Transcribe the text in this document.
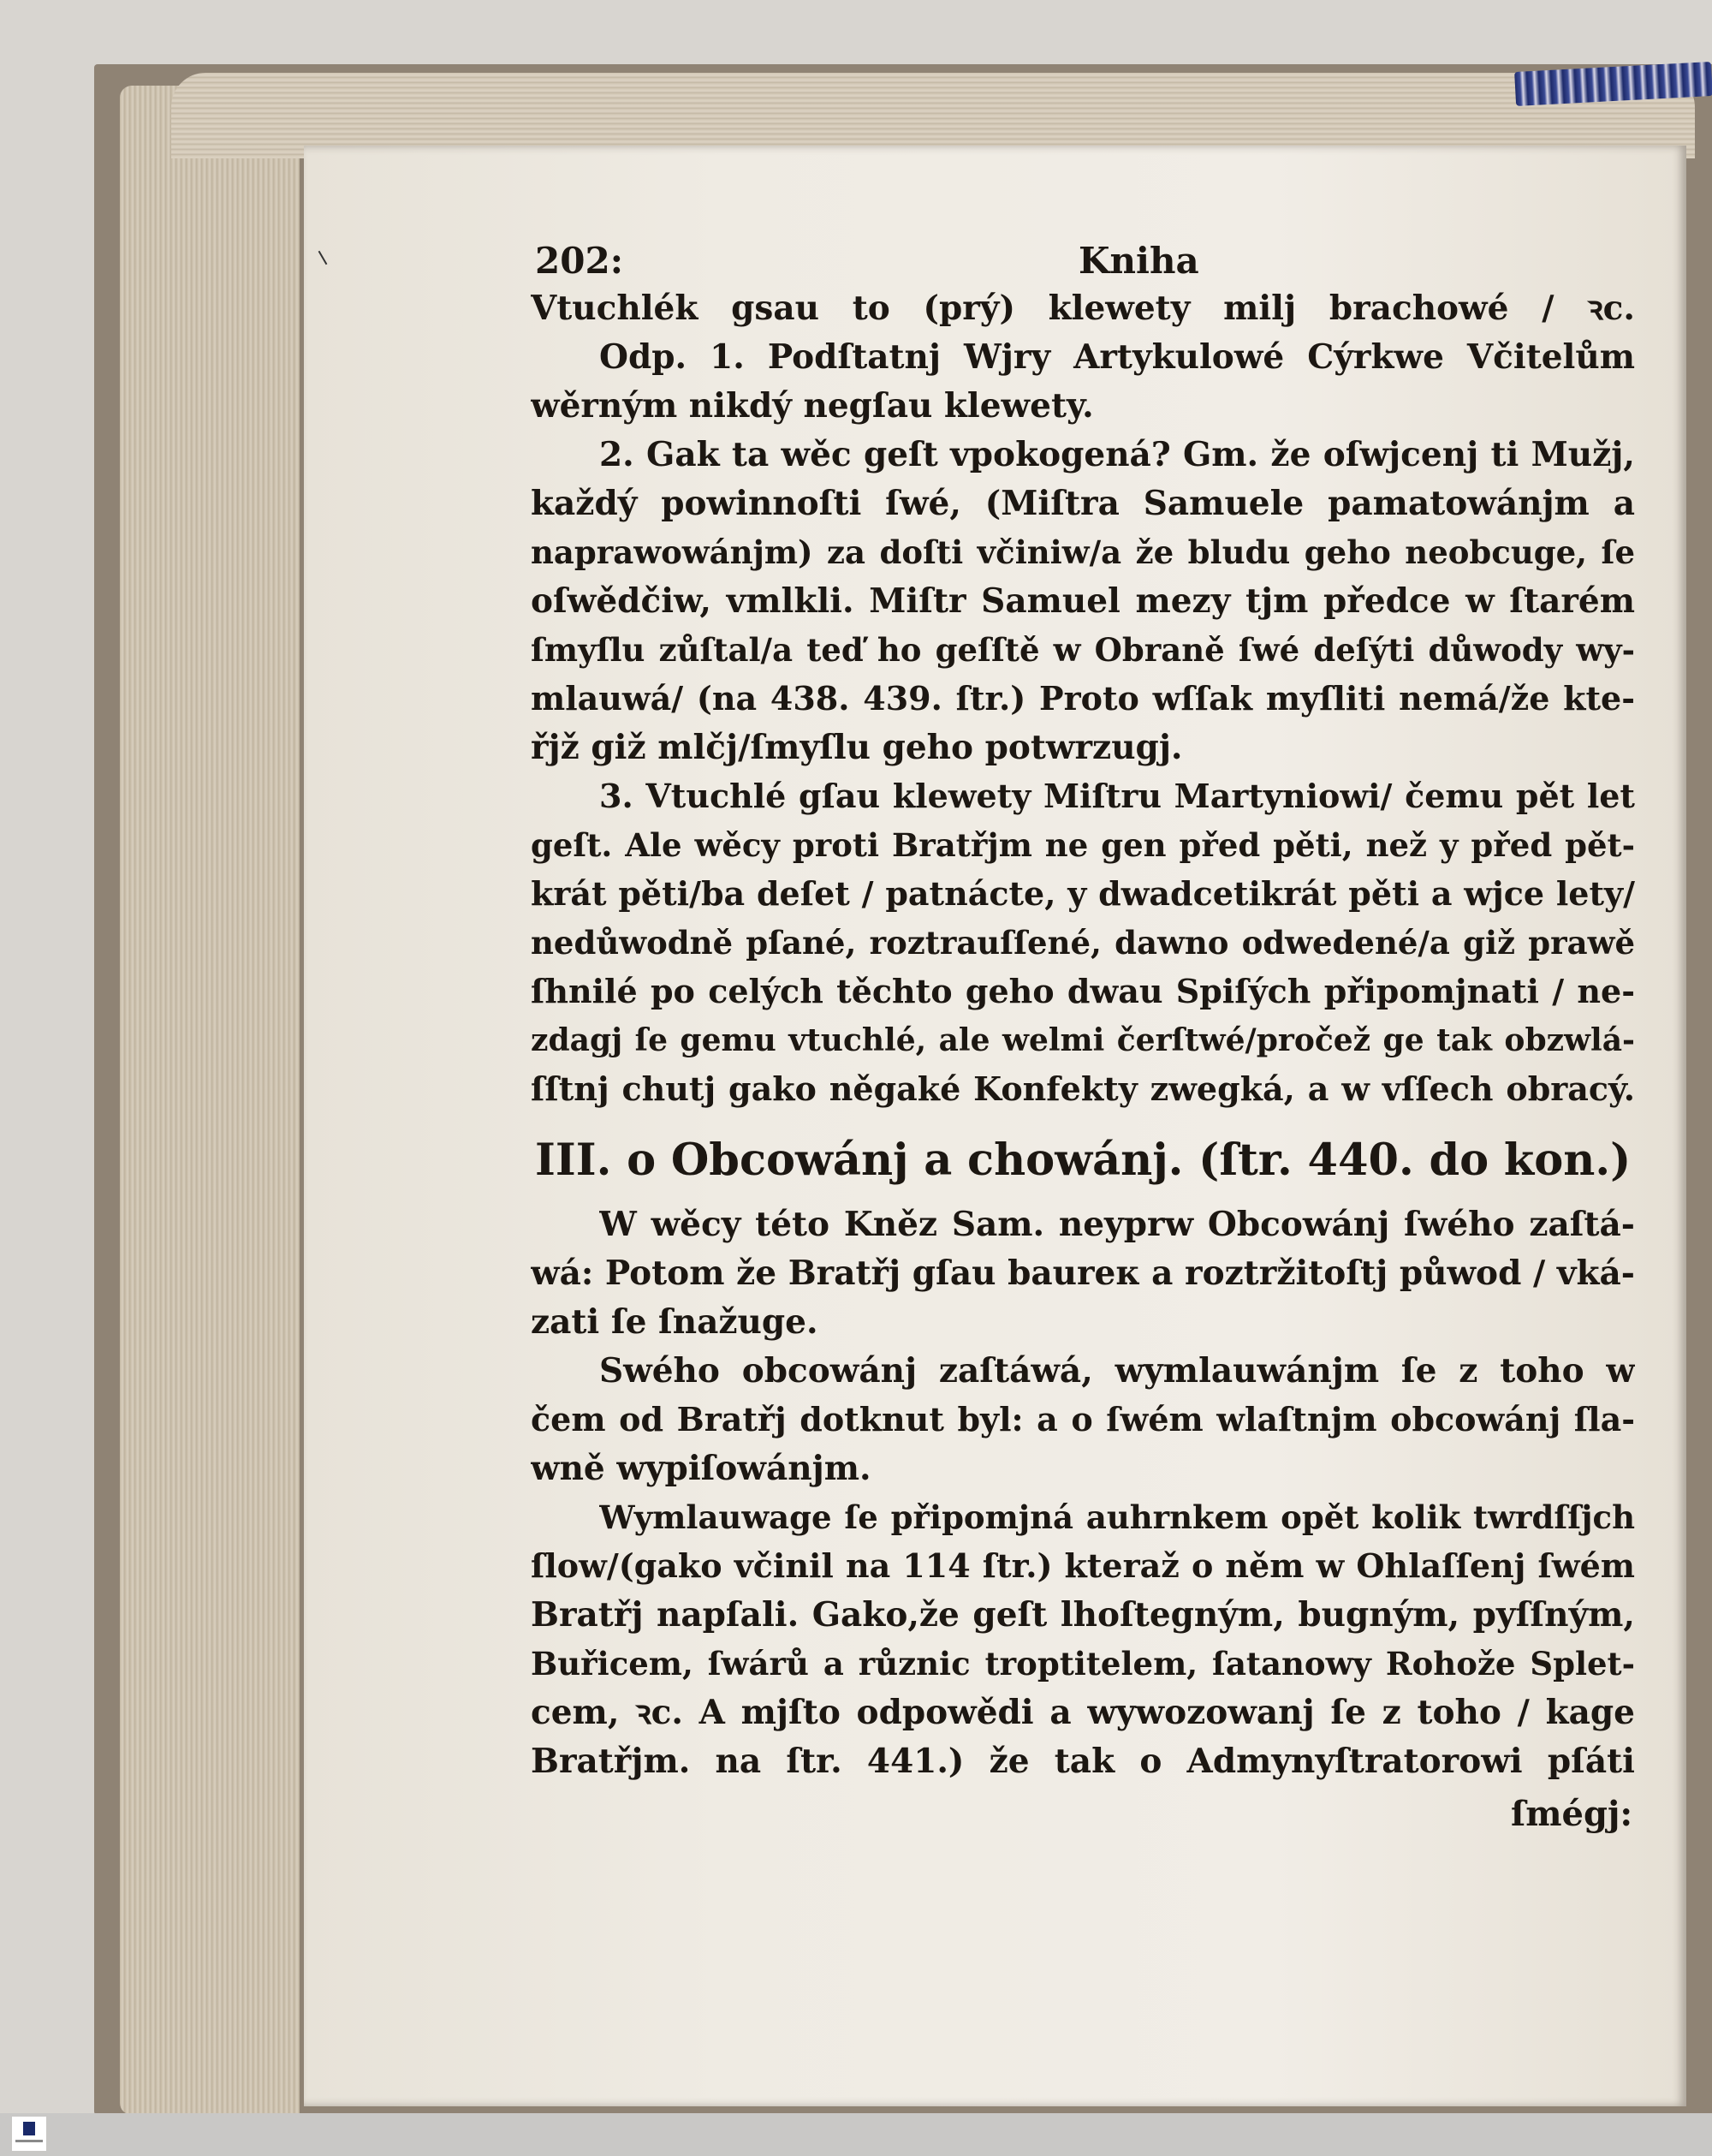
202:	Kniha
Vtuchlék gsau to (prý) klewety milj brachowé / ꝛc.
Odp. 1. Podſtatnj Wjry Artykulowé Cýrkwe Včitelům
wěrným nikdý negſau klewety.
2. Gak ta wěc geſt vpokogená? Gm. že oſwjcenj ti Mužj,
každý powinnoſti ſwé, (Miſtra Samuele pamatowánjm a
naprawowánjm) za doſti včiniw/a že bludu geho neobcuge, ſe
oſwědčiw, vmlkli. Miſtr Samuel mezy tjm předce w ſtarém
ſmyſlu zůſtal/a teď ho geſſtě w Obraně ſwé deſýti důwody wy-
mlauwá/ (na 438. 439. ſtr.) Proto wſſak myſliti nemá/že kte-
řjž giž mlčj/ſmyſlu geho potwrzugj.
3. Vtuchlé gſau klewety Miſtru Martyniowi/ čemu pět let
geſt. Ale wěcy proti Bratřjm ne gen před pěti, než y před pět-
krát pěti/ba deſet / patnácte, y dwadcetikrát pěti a wjce lety/
nedůwodně pſané, roztrauſſené, dawno odwedené/a giž prawě
ſhnilé po celých těchto geho dwau Spiſých připomjnati / ne-
zdagj ſe gemu vtuchlé, ale welmi čerſtwé/pročež ge tak obzwlá-
ſſtnj chutj gako něgaké Konfekty zwegká, a w vſſech obracý.
III. o Obcowánj a chowánj. (ſtr. 440. do kon.)
W wěcy této Kněz Sam. neyprw Obcowánj ſwého zaſtá-
wá: Potom že Bratřj gſau baureк a roztržitoſtj půwod / vká-
zati ſe ſnažuge.
Swého obcowánj zaſtáwá, wymlauwánjm ſe z toho w
čem od Bratřj dotknut byl: a o ſwém wlaſtnjm obcowánj ſla-
wně wypiſowánjm.
Wymlauwage ſe připomjná auhrnkem opět kolik twrdſſjch
ſlow/(gako včinil na 114 ſtr.) kteraž o něm w Ohlaſſenj ſwém
Bratřj napſali. Gako,že geſt lhoſtegným, bugným, pyſſným,
Buřicem, ſwárů a různic troptitelem, ſatanowy Rohože Splet-
cem, ꝛc. A mjſto odpowědi a wywozowanj ſe z toho / kage
Bratřjm. na ſtr. 441.) že tak o Admynyſtratorowi pſáti
ſmégj:
